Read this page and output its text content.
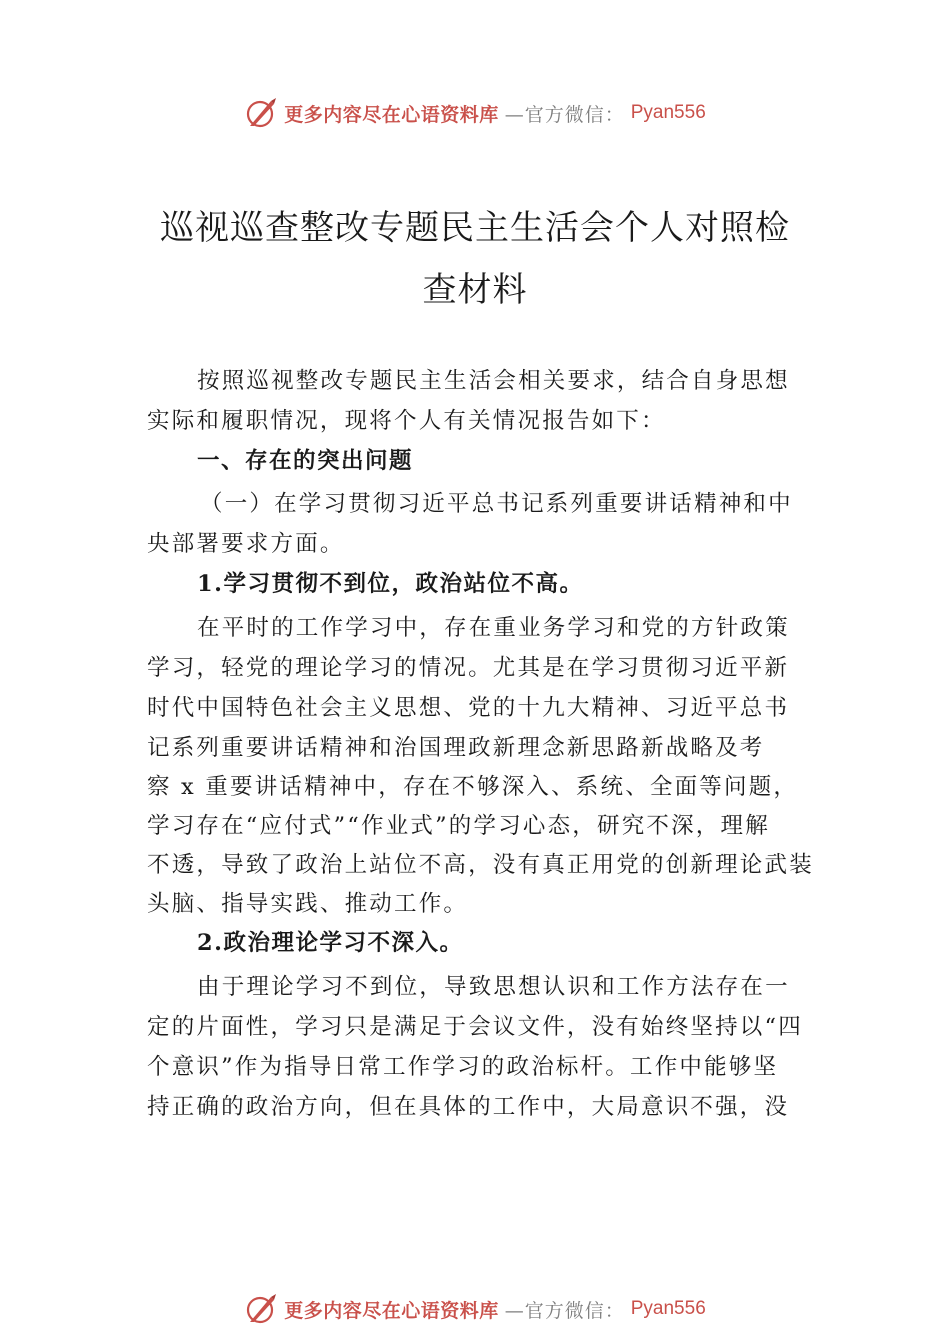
更多内容尽在心语资料库 —官方微信： Pyan556
巡视巡查整改专题民主生活会个人对照检
查材料

按照巡视整改专题民主生活会相关要求，结合自身思想

实际和履职情况，现将个人有关情况报告如下：

一、存在的突出问题

（一）在学习贯彻习近平总书记系列重要讲话精神和中

央部署要求方面。

1.学习贯彻不到位，政治站位不高。

在平时的工作学习中，存在重业务学习和党的方针政策

学习，轻党的理论学习的情况。尤其是在学习贯彻习近平新

时代中国特色社会主义思想、党的十九大精神、习近平总书

记系列重要讲话精神和治国理政新理念新思路新战略及考

察 x 重要讲话精神中，存在不够深入、系统、全面等问题，

学习存在“应付式”“作业式”的学习心态，研究不深，理解

不透，导致了政治上站位不高，没有真正用党的创新理论武装

头脑、指导实践、推动工作。

2.政治理论学习不深入。

由于理论学习不到位，导致思想认识和工作方法存在一

定的片面性，学习只是满足于会议文件，没有始终坚持以“四

个意识”作为指导日常工作学习的政治标杆。工作中能够坚

持正确的政治方向，但在具体的工作中，大局意识不强，没

更多内容尽在心语资料库 —官方微信： Pyan556
